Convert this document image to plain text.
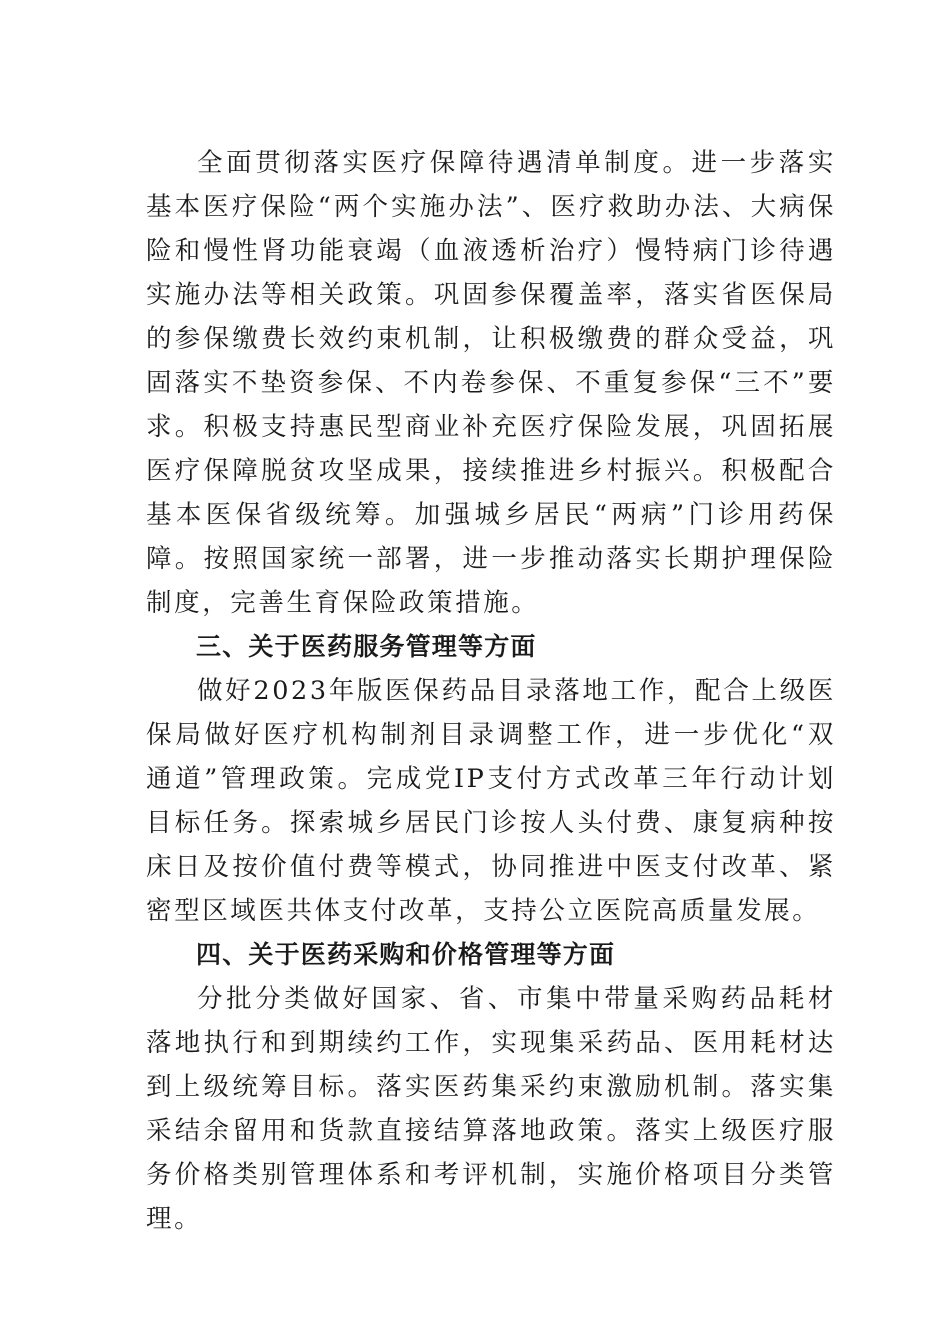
全面贯彻落实医疗保障待遇清单制度。进一步落实基本医疗保险“两个实施办法”、医疗救助办法、大病保险和慢性肾功能衰竭（血液透析治疗）慢特病门诊待遇实施办法等相关政策。巩固参保覆盖率，落实省医保局的参保缴费长效约束机制，让积极缴费的群众受益，巩固落实不垫资参保、不内卷参保、不重复参保“三不”要求。积极支持惠民型商业补充医疗保险发展，巩固拓展医疗保障脱贫攻坚成果，接续推进乡村振兴。积极配合基本医保省级统筹。加强城乡居民“两病”门诊用药保障。按照国家统一部署，进一步推动落实长期护理保险制度，完善生育保险政策措施。

三、关于医药服务管理等方面

做好2023年版医保药品目录落地工作，配合上级医保局做好医疗机构制剂目录调整工作，进一步优化“双通道”管理政策。完成党IP支付方式改革三年行动计划目标任务。探索城乡居民门诊按人头付费、康复病种按床日及按价值付费等模式，协同推进中医支付改革、紧密型区域医共体支付改革，支持公立医院高质量发展。

四、关于医药采购和价格管理等方面

分批分类做好国家、省、市集中带量采购药品耗材落地执行和到期续约工作，实现集采药品、医用耗材达到上级统筹目标。落实医药集采约束激励机制。落实集采结余留用和货款直接结算落地政策。落实上级医疗服务价格类别管理体系和考评机制，实施价格项目分类管理。
